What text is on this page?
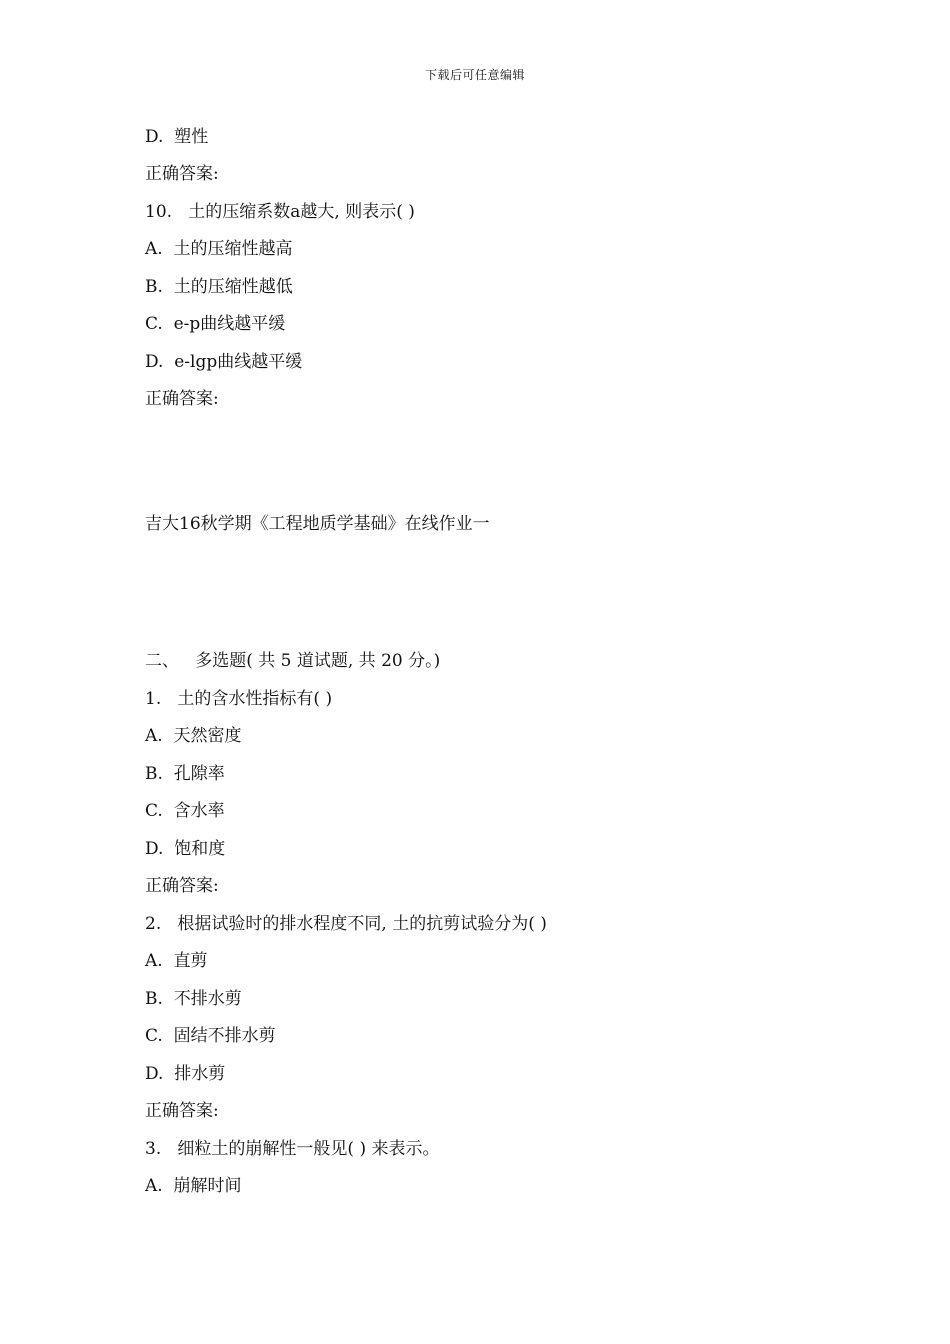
下载后可任意编辑
D.  塑性
正确答案:
10.   土的压缩系数a越大, 则表示( )
A.  土的压缩性越高
B.  土的压缩性越低
C.  e-p曲线越平缓
D.  e-lgp曲线越平缓
正确答案:
吉大16秋学期《工程地质学基础》在线作业一
二、   多选题( 共 5 道试题, 共 20 分。)
1.   土的含水性指标有( )
A.  天然密度
B.  孔隙率
C.  含水率
D.  饱和度
正确答案:
2.   根据试验时的排水程度不同, 土的抗剪试验分为( )
A.  直剪
B.  不排水剪
C.  固结不排水剪
D.  排水剪
正确答案:
3.   细粒土的崩解性一般见( ) 来表示。
A.  崩解时间
